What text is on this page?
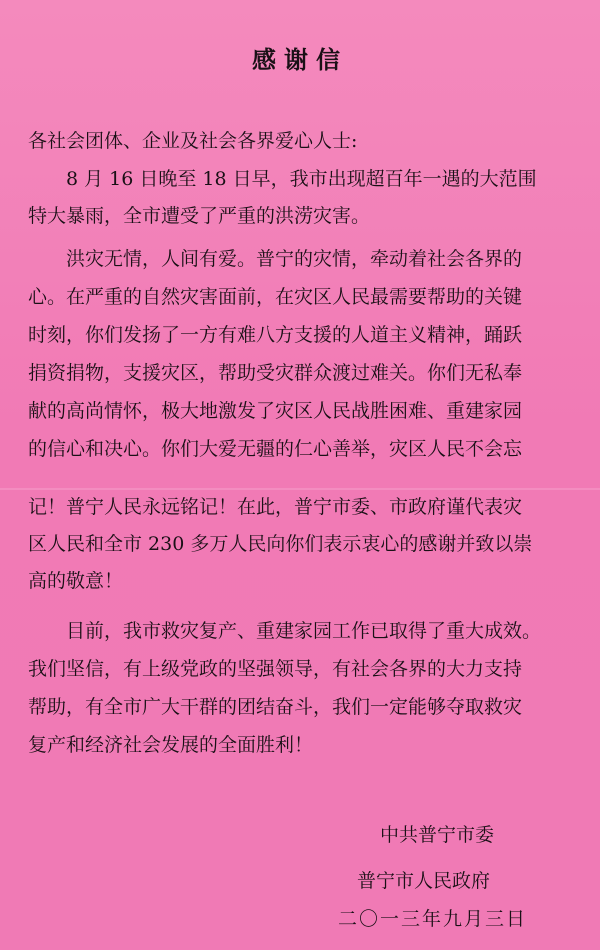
感谢信
各社会团体、企业及社会各界爱心人士:
　　8 月 16 日晚至 18 日早，我市出现超百年一遇的大范围
特大暴雨，全市遭受了严重的洪涝灾害。
　　洪灾无情，人间有爱。普宁的灾情，牵动着社会各界的
心。在严重的自然灾害面前，在灾区人民最需要帮助的关键
时刻，你们发扬了一方有难八方支援的人道主义精神，踊跃
捐资捐物，支援灾区，帮助受灾群众渡过难关。你们无私奉
献的高尚情怀，极大地激发了灾区人民战胜困难、重建家园
的信心和决心。你们大爱无疆的仁心善举，灾区人民不会忘
记！普宁人民永远铭记！在此，普宁市委、市政府谨代表灾
区人民和全市 230 多万人民向你们表示衷心的感谢并致以崇
高的敬意！
　　目前，我市救灾复产、重建家园工作已取得了重大成效。
我们坚信，有上级党政的坚强领导，有社会各界的大力支持
帮助，有全市广大干群的团结奋斗，我们一定能够夺取救灾
复产和经济社会发展的全面胜利！
中共普宁市委
普宁市人民政府
二〇一三年九月三日
